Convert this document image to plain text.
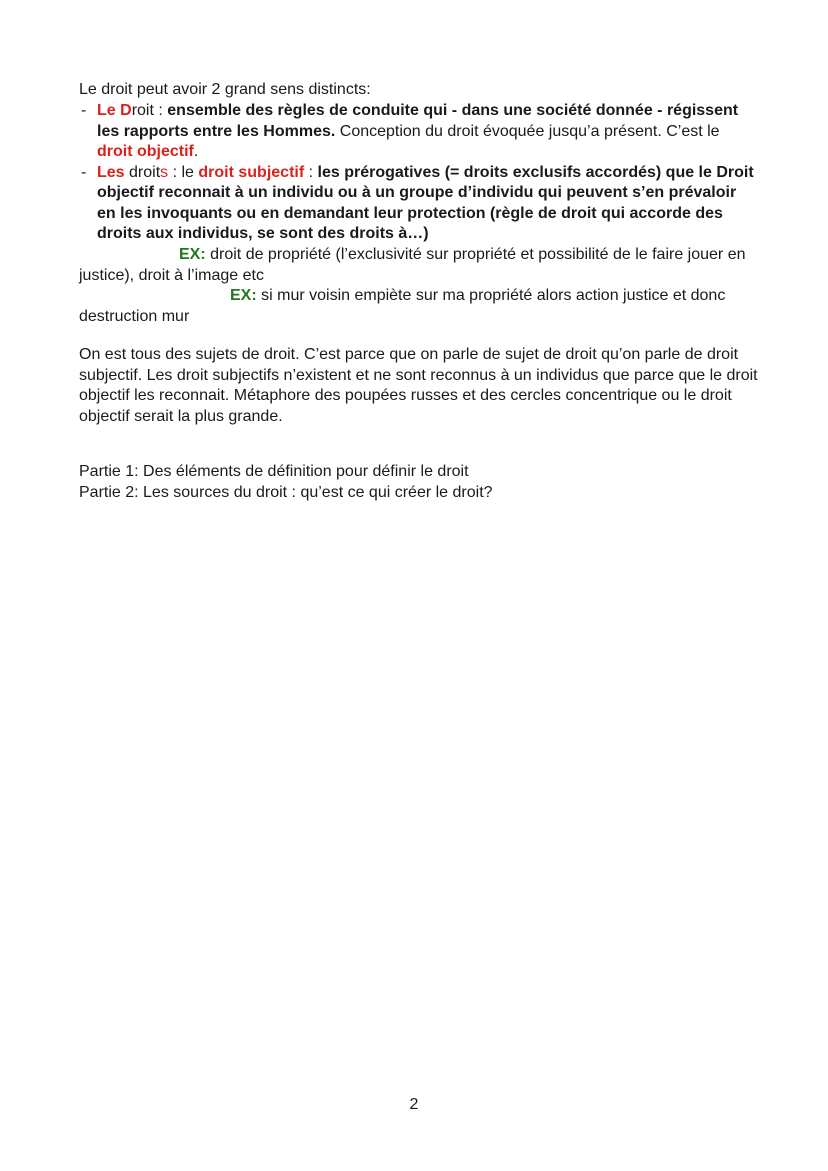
Le droit peut avoir 2 grand sens distincts:
- Le Droit : ensemble des règles de conduite qui - dans une société donnée - régissent les rapports entre les Hommes. Conception du droit évoquée jusqu’a présent. C’est le droit objectif.
- Les droits : le droit subjectif : les prérogatives (= droits exclusifs accordés) que le Droit objectif reconnait à un individu ou à un groupe d’individu qui peuvent s’en prévaloir en les invoquants ou en demandant leur protection (règle de droit qui accorde des droits aux individus, se sont des droits à…)
EX: droit de propriété (l’exclusivité sur propriété et possibilité de le faire jouer en justice), droit à l’image etc
EX: si mur voisin empiète sur ma propriété alors action justice et donc destruction mur
On est tous des sujets de droit. C’est parce que on parle de sujet de droit qu’on parle de droit subjectif. Les droit subjectifs n’existent et ne sont reconnus à un individus que parce que le droit objectif les reconnait. Métaphore des poupées russes et des cercles concentrique ou le droit objectif serait la plus grande.
Partie 1: Des éléments de définition pour définir le droit
Partie 2: Les sources du droit : qu’est ce qui créer le droit?
2
